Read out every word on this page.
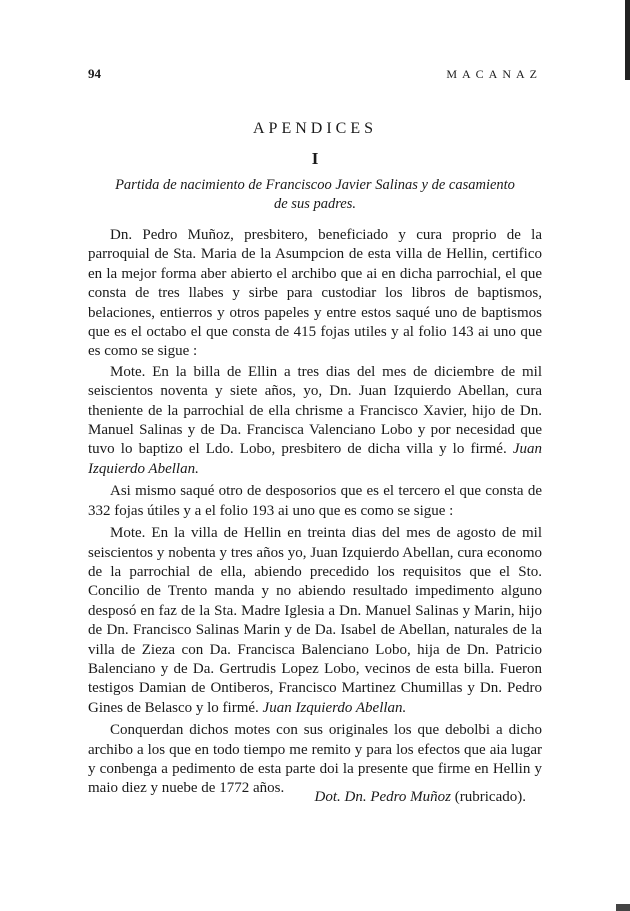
94	MACANAZ
APENDICES
I
Partida de nacimiento de Franciscoo Javier Salinas y de casamiento
de sus padres.

Dn. Pedro Muñoz, presbitero, beneficiado y cura proprio de la parroquial de Sta. Maria de la Asumpcion de esta villa de Hellin, certifico en la mejor forma aber abierto el archibo que ai en dicha parrochial, el que consta de tres llabes y sirbe para custodiar los libros de baptismos, belaciones, entierros y otros papeles y entre estos saqué uno de baptismos que es el octabo el que consta de 415 fojas utiles y al folio 143 ai uno que es como se sigue :

Mote. En la billa de Ellin a tres dias del mes de diciembre de mil seiscientos noventa y siete años, yo, Dn. Juan Izquierdo Abellan, cura theniente de la parrochial de ella chrisme a Francisco Xavier, hijo de Dn. Manuel Salinas y de Da. Francisca Valenciano Lobo y por necesidad que tuvo lo baptizo el Ldo. Lobo, presbitero de dicha villa y lo firmé. Juan Izquierdo Abellan.

Asi mismo saqué otro de desposorios que es el tercero el que consta de 332 fojas útiles y a el folio 193 ai uno que es como se sigue :

Mote. En la villa de Hellin en treinta dias del mes de agosto de mil seiscientos y nobenta y tres años yo, Juan Izquierdo Abellan, cura economo de la parrochial de ella, abiendo precedido los requisitos que el Sto. Concilio de Trento manda y no abiendo resultado impedimento alguno desposó en faz de la Sta. Madre Iglesia a Dn. Manuel Salinas y Marin, hijo de Dn. Francisco Salinas Marin y de Da. Isabel de Abellan, naturales de la villa de Zieza con Da. Francisca Balenciano Lobo, hija de Dn. Patricio Balenciano y de Da. Gertrudis Lopez Lobo, vecinos de esta billa. Fueron testigos Damian de Ontiberos, Francisco Martinez Chumillas y Dn. Pedro Gines de Belasco y lo firmé. Juan Izquierdo Abellan.

Conquerdan dichos motes con sus originales los que debolbi a dicho archibo a los que en todo tiempo me remito y para los efectos que aia lugar y conbenga a pedimento de esta parte doi la presente que firme en Hellin y maio diez y nuebe de 1772 años.

Dot. Dn. Pedro Muñoz (rubricado).
